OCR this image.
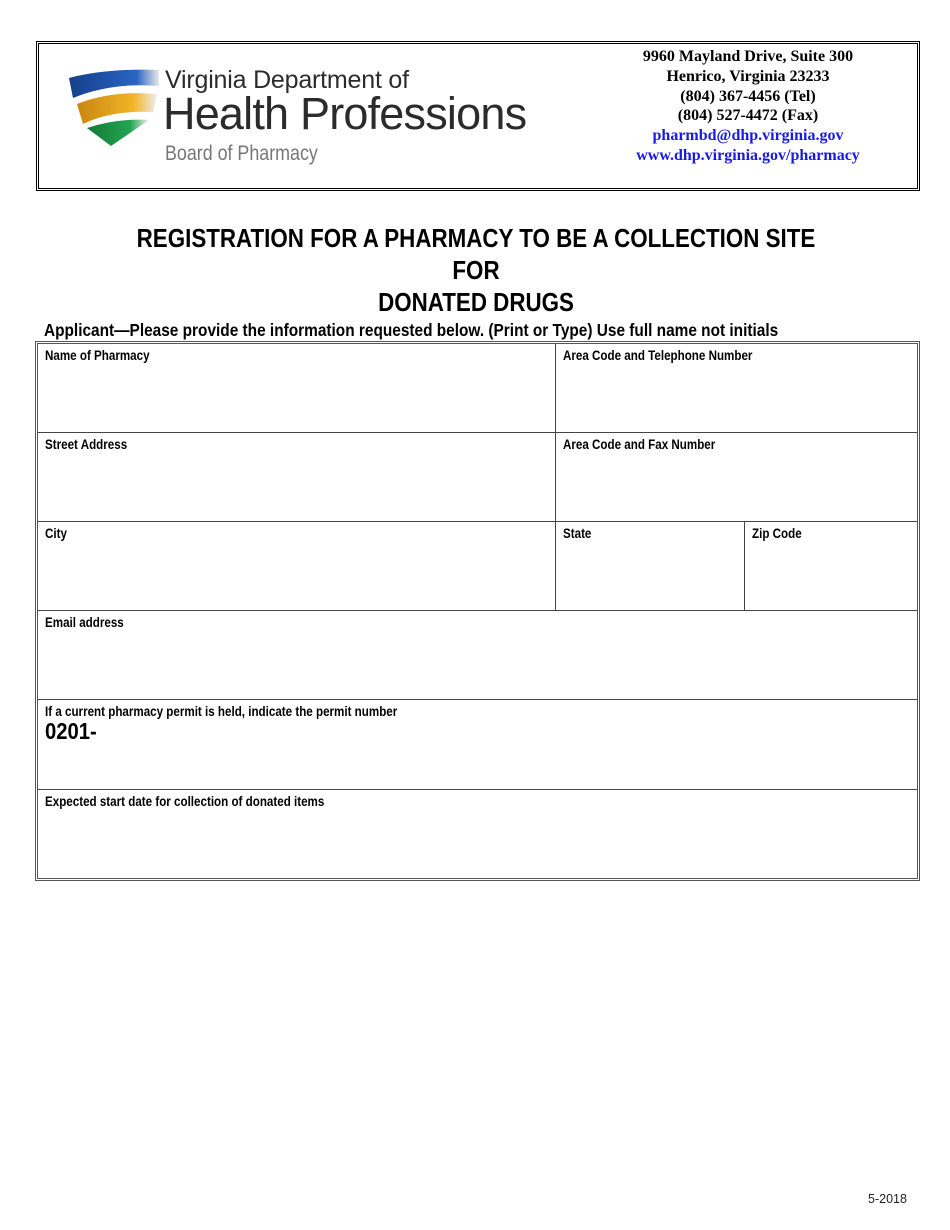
Virginia Department of
Health Professions
Board of Pharmacy
9960 Mayland Drive, Suite 300
Henrico, Virginia 23233
(804) 367-4456 (Tel)
(804) 527-4472 (Fax)
pharmbd@dhp.virginia.gov
www.dhp.virginia.gov/pharmacy
REGISTRATION FOR A PHARMACY TO BE A COLLECTION SITE FOR
DONATED DRUGS
Applicant—Please provide the information requested below. (Print or Type) Use full name not initials
Name of Pharmacy	Area Code and Telephone Number
Street Address	Area Code and Fax Number
City	State	Zip Code
Email address
If a current pharmacy permit is held, indicate the permit number
0201-
Expected start date for collection of donated items
5-2018
